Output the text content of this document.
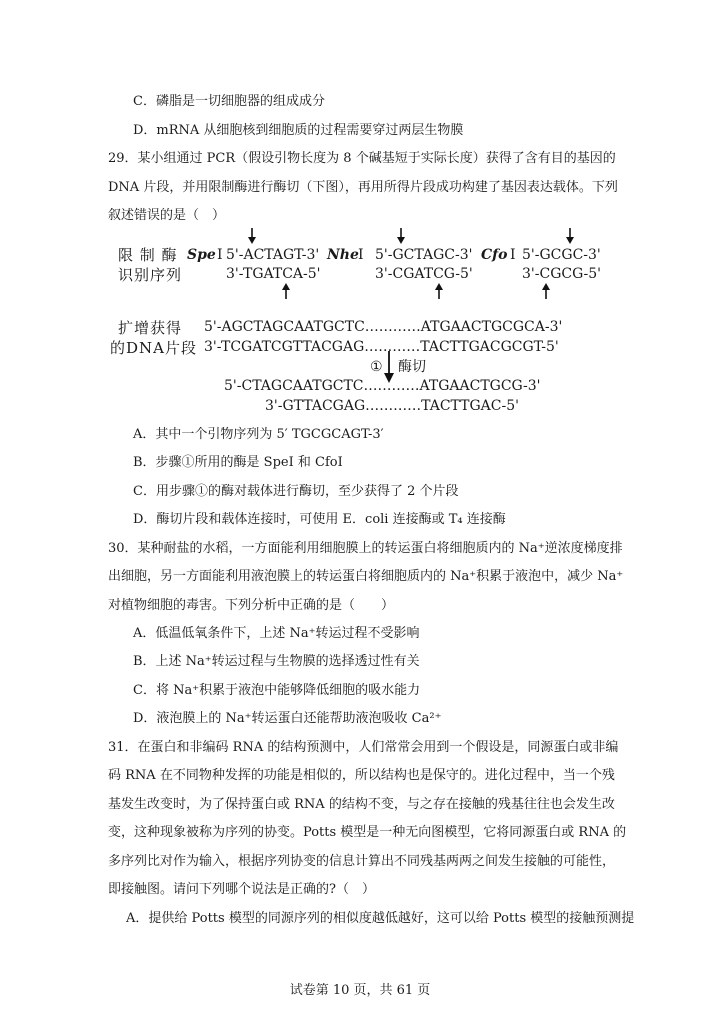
C．磷脂是一切细胞器的组成成分
D．mRNA 从细胞核到细胞质的过程需要穿过两层生物膜
29．某小组通过 PCR（假设引物长度为 8 个碱基短于实际长度）获得了含有目的基因的
DNA 片段，并用限制酶进行酶切（下图），再用所得片段成功构建了基因表达载体。下列
叙述错误的是（　）
限 制 酶
识别序列
Spe Ⅰ 5'-ACTAGT-3'
3'-TGATCA-5'
Nhe Ⅰ 5'-GCTAGC-3'
3'-CGATCG-5'
Cfo Ⅰ 5'-GCGC-3'
3'-CGCG-5'
扩增获得
的DNA片段
5'-AGCTAGCAATGCTC…………ATGAACTGCGCA-3'
3'-TCGATCGTTACGAG…………TACTTGACGCGT-5'
① 酶切
5'-CTAGCAATGCTC…………ATGAACTGCG-3'
3'-GTTACGAG…………TACTTGAC-5'
A．其中一个引物序列为 5′ TGCGCAGT-3′
B．步骤①所用的酶是 SpeI 和 CfoI
C．用步骤①的酶对载体进行酶切，至少获得了 2 个片段
D．酶切片段和载体连接时，可使用 E．coli 连接酶或 T₄ 连接酶
30．某种耐盐的水稻，一方面能利用细胞膜上的转运蛋白将细胞质内的 Na⁺逆浓度梯度排
出细胞，另一方面能利用液泡膜上的转运蛋白将细胞质内的 Na⁺积累于液泡中，减少 Na⁺
对植物细胞的毒害。下列分析中正确的是（　　）
A．低温低氧条件下，上述 Na⁺转运过程不受影响
B．上述 Na⁺转运过程与生物膜的选择透过性有关
C．将 Na⁺积累于液泡中能够降低细胞的吸水能力
D．液泡膜上的 Na⁺转运蛋白还能帮助液泡吸收 Ca²⁺
31．在蛋白和非编码 RNA 的结构预测中，人们常常会用到一个假设是，同源蛋白或非编
码 RNA 在不同物种发挥的功能是相似的，所以结构也是保守的。进化过程中，当一个残
基发生改变时，为了保持蛋白或 RNA 的结构不变，与之存在接触的残基往往也会发生改
变，这种现象被称为序列的协变。Potts 模型是一种无向图模型，它将同源蛋白或 RNA 的
多序列比对作为输入，根据序列协变的信息计算出不同残基两两之间发生接触的可能性，
即接触图。请问下列哪个说法是正确的?（　）
A．提供给 Potts 模型的同源序列的相似度越低越好，这可以给 Potts 模型的接触预测提
试卷第 10 页，共 61 页
